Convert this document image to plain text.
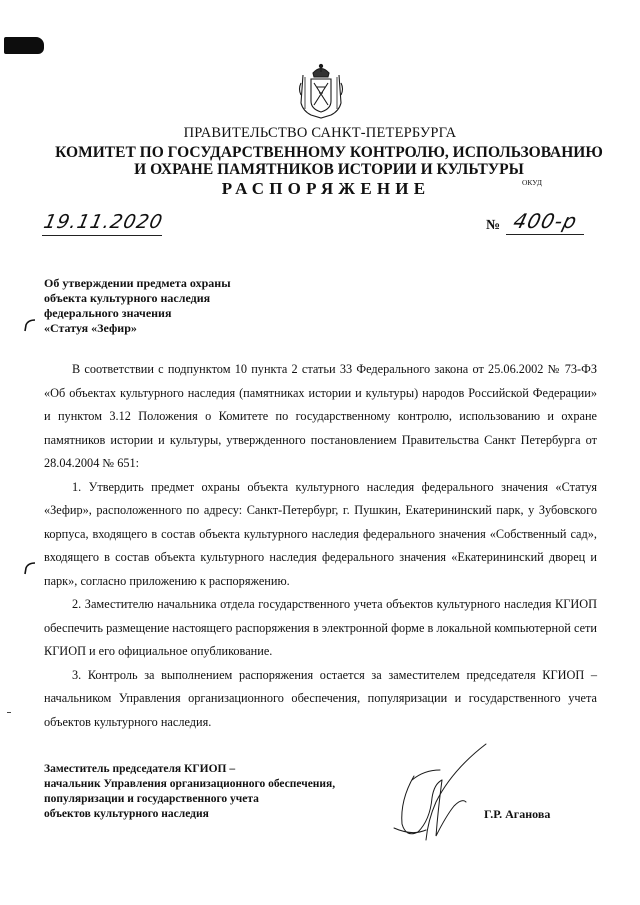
ПРАВИТЕЛЬСТВО САНКТ-ПЕТЕРБУРГА
КОМИТЕТ ПО ГОСУДАРСТВЕННОМУ КОНТРОЛЮ, ИСПОЛЬЗОВАНИЮ
И ОХРАНЕ ПАМЯТНИКОВ ИСТОРИИ И КУЛЬТУРЫ
ОКУД
РАСПОРЯЖЕНИЕ
19.11.2020	№ 400-р
Об утверждении предмета охраны
объекта культурного наследия
федерального значения
«Статуя «Зефир»

В соответствии с подпунктом 10 пункта 2 статьи 33 Федерального закона от 25.06.2002 № 73-ФЗ «Об объектах культурного наследия (памятниках истории и культуры) народов Российской Федерации» и пунктом 3.12 Положения о Комитете по государственному контролю, использованию и охране памятников истории и культуры, утвержденного постановлением Правительства Санкт Петербурга от 28.04.2004 № 651:

1. Утвердить предмет охраны объекта культурного наследия федерального значения «Статуя «Зефир», расположенного по адресу: Санкт-Петербург, г. Пушкин, Екатерининский парк, у Зубовского корпуса, входящего в состав объекта культурного наследия федерального значения «Собственный сад», входящего в состав объекта культурного наследия федерального значения «Екатерининский дворец и парк», согласно приложению к распоряжению.

2. Заместителю начальника отдела государственного учета объектов культурного наследия КГИОП обеспечить размещение настоящего распоряжения в электронной форме в локальной компьютерной сети КГИОП и его официальное опубликование.

3. Контроль за выполнением распоряжения остается за заместителем председателя КГИОП – начальником Управления организационного обеспечения, популяризации и государственного учета объектов культурного наследия.

Заместитель председателя КГИОП –
начальник Управления организационного обеспечения,
популяризации и государственного учета
объектов культурного наследия	Г.Р. Аганова
